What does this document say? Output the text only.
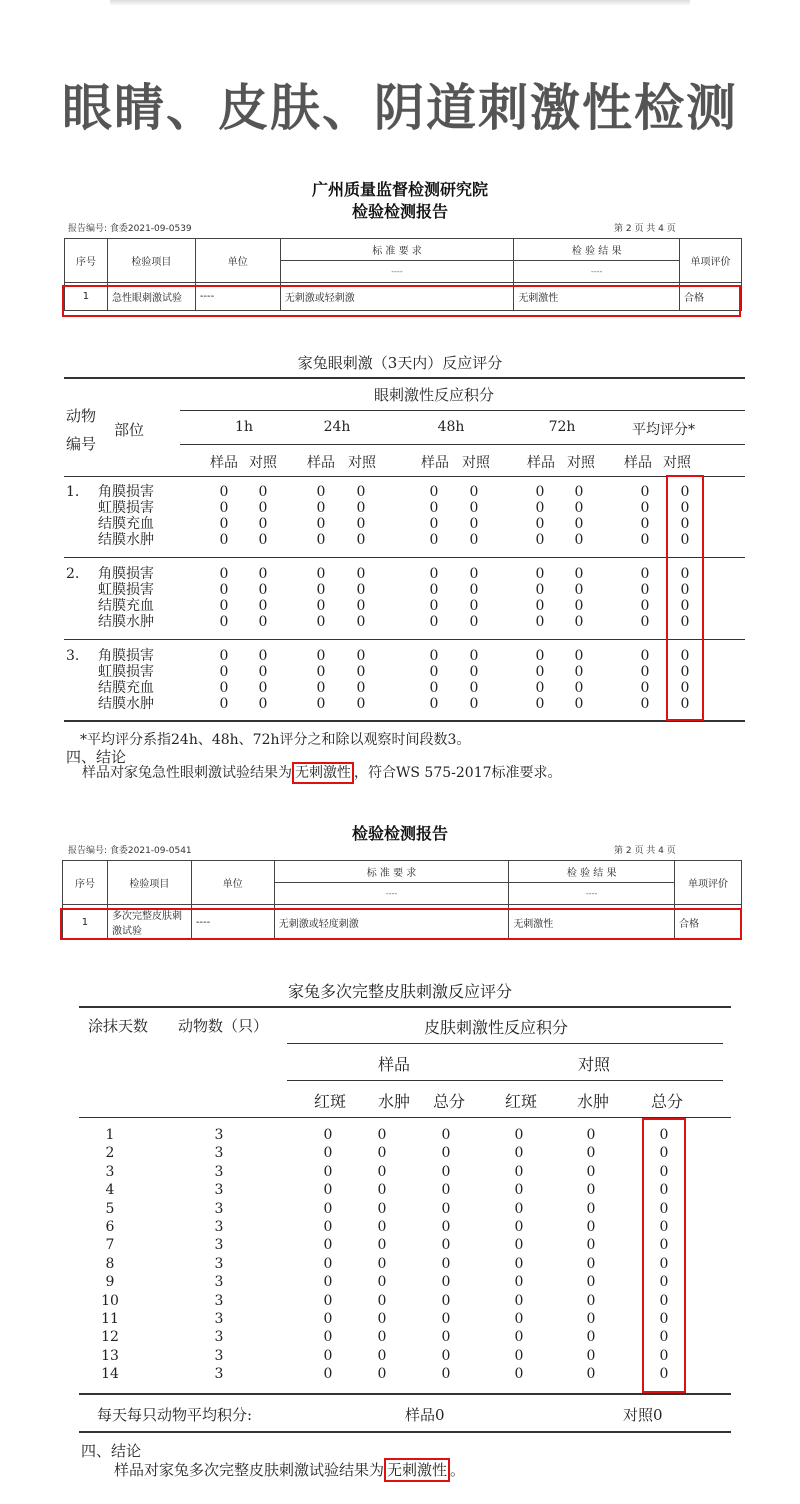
眼睛、皮肤、阴道刺激性检测
广州质量监督检测研究院
检验检测报告
报告编号: 食委2021-09-0539	第 2 页 共 4 页
序号	检验项目	单位	标 准 要 求	检 验 结 果	单项评价
			----	----	
1	急性眼刺激试验	----	无刺激或轻刺激	无刺激性	合格
家兔眼刺激（3天内）反应评分
眼刺激性反应积分
动物编号
部位	1h	24h	48h	72h	平均评分*
样品 对照 样品 对照	样品 对照	样品 对照 样品 对照
1. 角膜损害	0	0	0	0	0	0	0	0	0	0
虹膜损害	0	0	0	0	0	0	0	0	0	0
结膜充血	0	0	0	0	0	0	0	0	0	0
结膜水肿	0	0	0	0	0	0	0	0	0	0
2. 角膜损害	0	0	0	0	0	0	0	0	0	0
虹膜损害	0	0	0	0	0	0	0	0	0	0
结膜充血	0	0	0	0	0	0	0	0	0	0
结膜水肿	0	0	0	0	0	0	0	0	0	0
3. 角膜损害	0	0	0	0	0	0	0	0	0	0
虹膜损害	0	0	0	0	0	0	0	0	0	0
结膜充血	0	0	0	0	0	0	0	0	0	0
结膜水肿	0	0	0	0	0	0	0	0	0	0
*平均评分系指24h、48h、72h评分之和除以观察时间段数3。
四、结论
样品对家兔急性眼刺激试验结果为 无刺激性 ，符合WS 575-2017标准要求。
检验检测报告
报告编号: 食委2021-09-0541	第 2 页 共 4 页
序号	检验项目	单位	标 准 要 求	检 验 结 果	单项评价
			----	----	
1	多次完整皮肤刺激试验	----	无刺激或轻度刺激	无刺激性	合格
家兔多次完整皮肤刺激反应评分
涂抹天数 动物数（只）	皮肤刺激性反应积分
样品	对照
红斑 水肿 总分 红斑 水肿	总分
1	3	0	0	0	0	0	0
2	3	0	0	0	0	0	0
3	3	0	0	0	0	0	0
4	3	0	0	0	0	0	0
5	3	0	0	0	0	0	0
6	3	0	0	0	0	0	0
7	3	0	0	0	0	0	0
8	3	0	0	0	0	0	0
9	3	0	0	0	0	0	0
10	3	0	0	0	0	0	0
11	3	0	0	0	0	0	0
12	3	0	0	0	0	0	0
13	3	0	0	0	0	0	0
14	3	0	0	0	0	0	0
每天每只动物平均积分:	样品0	对照0
四、结论
样品对家兔多次完整皮肤刺激试验结果为 无刺激性 。
